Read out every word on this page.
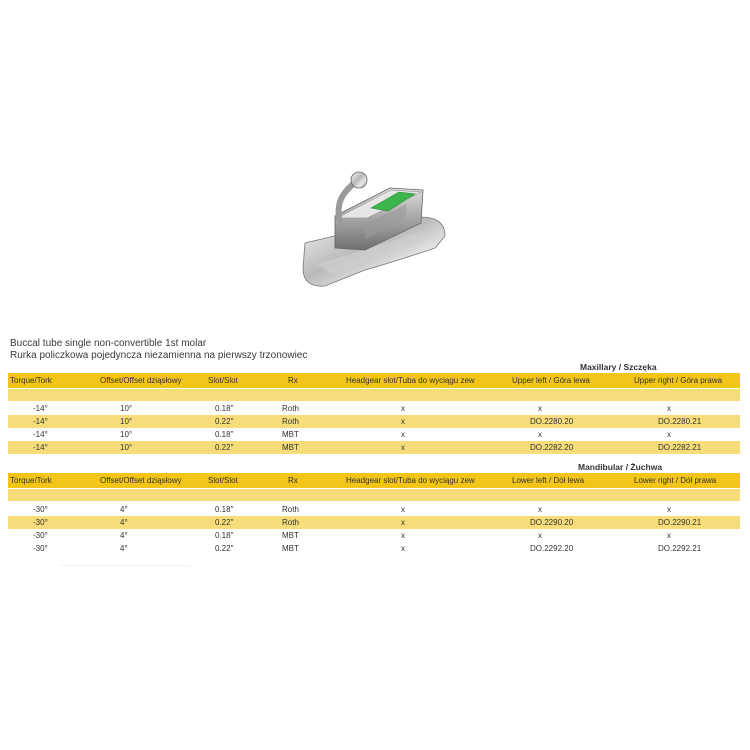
Buccal tube single non-convertible 1st molar
Rurka policzkowa pojedyncza niezamienna na pierwszy trzonowiec
Maxillary / Szczęka
Torque/Tork	Offset/Offset dziąsłowy	Slot/Slot	Rx	Headgear slot/Tuba do wyciągu zew	Upper left / Góra lewa	Upper right / Góra prawa
-14°	10°	0.18"	Roth	x	x	x
-14°	10°	0.22"	Roth	x	DO.2280.20	DO.2280.21
-14°	10°	0.18"	MBT	x	x	x
-14°	10°	0.22"	MBT	x	DO.2282.20	DO.2282.21
Mandibular / Żuchwa
Torque/Tork	Offset/Offset dziąsłowy	Slot/Slot	Rx	Headgear slot/Tuba do wyciągu zew	Lower left / Dół lewa	Lower right / Dół prawa
-30°	4°	0.18"	Roth	x	x	x
-30°	4°	0.22"	Roth	x	DO.2290.20	DO.2290.21
-30°	4°	0.18"	MBT	x	x	x
-30°	4°	0.22"	MBT	x	DO.2292.20	DO.2292.21
